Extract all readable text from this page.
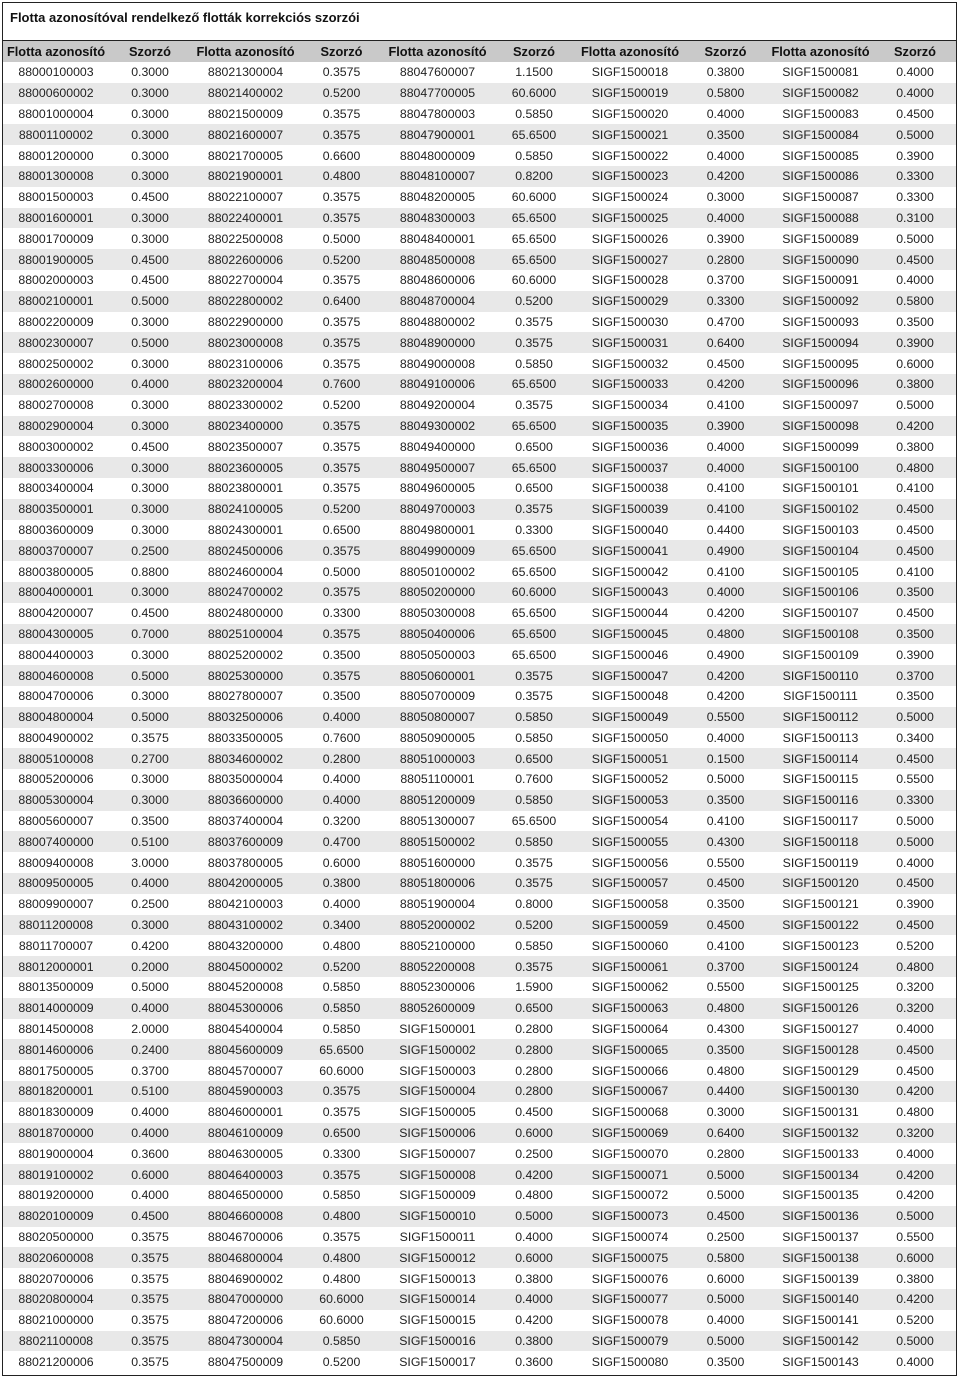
Flotta azonosítóval rendelkező flották korrekciós szorzói
Flotta azonosító	Szorzó	Flotta azonosító	Szorzó	Flotta azonosító	Szorzó	Flotta azonosító	Szorzó	Flotta azonosító	Szorzó
88000100003	0.3000	88021300004	0.3575	88047600007	1.1500	SIGF1500018	0.3800	SIGF1500081	0.4000
88000600002	0.3000	88021400002	0.5200	88047700005	60.6000	SIGF1500019	0.5800	SIGF1500082	0.4000
88001000004	0.3000	88021500009	0.3575	88047800003	0.5850	SIGF1500020	0.4000	SIGF1500083	0.4500
88001100002	0.3000	88021600007	0.3575	88047900001	65.6500	SIGF1500021	0.3500	SIGF1500084	0.5000
88001200000	0.3000	88021700005	0.6600	88048000009	0.5850	SIGF1500022	0.4000	SIGF1500085	0.3900
88001300008	0.3000	88021900001	0.4800	88048100007	0.8200	SIGF1500023	0.4200	SIGF1500086	0.3300
88001500003	0.4500	88022100007	0.3575	88048200005	60.6000	SIGF1500024	0.3000	SIGF1500087	0.3300
88001600001	0.3000	88022400001	0.3575	88048300003	65.6500	SIGF1500025	0.4000	SIGF1500088	0.3100
88001700009	0.3000	88022500008	0.5000	88048400001	65.6500	SIGF1500026	0.3900	SIGF1500089	0.5000
88001900005	0.4500	88022600006	0.5200	88048500008	65.6500	SIGF1500027	0.2800	SIGF1500090	0.4500
88002000003	0.4500	88022700004	0.3575	88048600006	60.6000	SIGF1500028	0.3700	SIGF1500091	0.4000
88002100001	0.5000	88022800002	0.6400	88048700004	0.5200	SIGF1500029	0.3300	SIGF1500092	0.5800
88002200009	0.3000	88022900000	0.3575	88048800002	0.3575	SIGF1500030	0.4700	SIGF1500093	0.3500
88002300007	0.5000	88023000008	0.3575	88048900000	0.3575	SIGF1500031	0.6400	SIGF1500094	0.3900
88002500002	0.3000	88023100006	0.3575	88049000008	0.5850	SIGF1500032	0.4500	SIGF1500095	0.6000
88002600000	0.4000	88023200004	0.7600	88049100006	65.6500	SIGF1500033	0.4200	SIGF1500096	0.3800
88002700008	0.3000	88023300002	0.5200	88049200004	0.3575	SIGF1500034	0.4100	SIGF1500097	0.5000
88002900004	0.3000	88023400000	0.3575	88049300002	65.6500	SIGF1500035	0.3900	SIGF1500098	0.4200
88003000002	0.4500	88023500007	0.3575	88049400000	0.6500	SIGF1500036	0.4000	SIGF1500099	0.3800
88003300006	0.3000	88023600005	0.3575	88049500007	65.6500	SIGF1500037	0.4000	SIGF1500100	0.4800
88003400004	0.3000	88023800001	0.3575	88049600005	0.6500	SIGF1500038	0.4100	SIGF1500101	0.4100
88003500001	0.3000	88024100005	0.5200	88049700003	0.3575	SIGF1500039	0.4100	SIGF1500102	0.4500
88003600009	0.3000	88024300001	0.6500	88049800001	0.3300	SIGF1500040	0.4400	SIGF1500103	0.4500
88003700007	0.2500	88024500006	0.3575	88049900009	65.6500	SIGF1500041	0.4900	SIGF1500104	0.4500
88003800005	0.8800	88024600004	0.5000	88050100002	65.6500	SIGF1500042	0.4100	SIGF1500105	0.4100
88004000001	0.3000	88024700002	0.3575	88050200000	60.6000	SIGF1500043	0.4000	SIGF1500106	0.3500
88004200007	0.4500	88024800000	0.3300	88050300008	65.6500	SIGF1500044	0.4200	SIGF1500107	0.4500
88004300005	0.7000	88025100004	0.3575	88050400006	65.6500	SIGF1500045	0.4800	SIGF1500108	0.3500
88004400003	0.3000	88025200002	0.3500	88050500003	65.6500	SIGF1500046	0.4900	SIGF1500109	0.3900
88004600008	0.5000	88025300000	0.3575	88050600001	0.3575	SIGF1500047	0.4200	SIGF1500110	0.3700
88004700006	0.3000	88027800007	0.3500	88050700009	0.3575	SIGF1500048	0.4200	SIGF1500111	0.3500
88004800004	0.5000	88032500006	0.4000	88050800007	0.5850	SIGF1500049	0.5500	SIGF1500112	0.5000
88004900002	0.3575	88033500005	0.7600	88050900005	0.5850	SIGF1500050	0.4000	SIGF1500113	0.3400
88005100008	0.2700	88034600002	0.2800	88051000003	0.6500	SIGF1500051	0.1500	SIGF1500114	0.4500
88005200006	0.3000	88035000004	0.4000	88051100001	0.7600	SIGF1500052	0.5000	SIGF1500115	0.5500
88005300004	0.3000	88036600000	0.4000	88051200009	0.5850	SIGF1500053	0.3500	SIGF1500116	0.3300
88005600007	0.3500	88037400004	0.3200	88051300007	65.6500	SIGF1500054	0.4100	SIGF1500117	0.5000
88007400000	0.5100	88037600009	0.4700	88051500002	0.5850	SIGF1500055	0.4300	SIGF1500118	0.5000
88009400008	3.0000	88037800005	0.6000	88051600000	0.3575	SIGF1500056	0.5500	SIGF1500119	0.4000
88009500005	0.4000	88042000005	0.3800	88051800006	0.3575	SIGF1500057	0.4500	SIGF1500120	0.4500
88009900007	0.2500	88042100003	0.4000	88051900004	0.8000	SIGF1500058	0.3500	SIGF1500121	0.3900
88011200008	0.3000	88043100002	0.3400	88052000002	0.5200	SIGF1500059	0.4500	SIGF1500122	0.4500
88011700007	0.4200	88043200000	0.4800	88052100000	0.5850	SIGF1500060	0.4100	SIGF1500123	0.5200
88012000001	0.2000	88045000002	0.5200	88052200008	0.3575	SIGF1500061	0.3700	SIGF1500124	0.4800
88013500009	0.5000	88045200008	0.5850	88052300006	1.5900	SIGF1500062	0.5500	SIGF1500125	0.3200
88014000009	0.4000	88045300006	0.5850	88052600009	0.6500	SIGF1500063	0.4800	SIGF1500126	0.3200
88014500008	2.0000	88045400004	0.5850	SIGF1500001	0.2800	SIGF1500064	0.4300	SIGF1500127	0.4000
88014600006	0.2400	88045600009	65.6500	SIGF1500002	0.2800	SIGF1500065	0.3500	SIGF1500128	0.4500
88017500005	0.3700	88045700007	60.6000	SIGF1500003	0.2800	SIGF1500066	0.4800	SIGF1500129	0.4500
88018200001	0.5100	88045900003	0.3575	SIGF1500004	0.2800	SIGF1500067	0.4400	SIGF1500130	0.4200
88018300009	0.4000	88046000001	0.3575	SIGF1500005	0.4500	SIGF1500068	0.3000	SIGF1500131	0.4800
88018700000	0.4000	88046100009	0.6500	SIGF1500006	0.6000	SIGF1500069	0.6400	SIGF1500132	0.3200
88019000004	0.3600	88046300005	0.3300	SIGF1500007	0.2500	SIGF1500070	0.2800	SIGF1500133	0.4000
88019100002	0.6000	88046400003	0.3575	SIGF1500008	0.4200	SIGF1500071	0.5000	SIGF1500134	0.4200
88019200000	0.4000	88046500000	0.5850	SIGF1500009	0.4800	SIGF1500072	0.5000	SIGF1500135	0.4200
88020100009	0.4500	88046600008	0.4800	SIGF1500010	0.5000	SIGF1500073	0.4500	SIGF1500136	0.5000
88020500000	0.3575	88046700006	0.3575	SIGF1500011	0.4000	SIGF1500074	0.2500	SIGF1500137	0.5500
88020600008	0.3575	88046800004	0.4800	SIGF1500012	0.6000	SIGF1500075	0.5800	SIGF1500138	0.6000
88020700006	0.3575	88046900002	0.4800	SIGF1500013	0.3800	SIGF1500076	0.6000	SIGF1500139	0.3800
88020800004	0.3575	88047000000	60.6000	SIGF1500014	0.4000	SIGF1500077	0.5000	SIGF1500140	0.4200
88021000000	0.3575	88047200006	60.6000	SIGF1500015	0.4200	SIGF1500078	0.4000	SIGF1500141	0.5200
88021100008	0.3575	88047300004	0.5850	SIGF1500016	0.3800	SIGF1500079	0.5000	SIGF1500142	0.5000
88021200006	0.3575	88047500009	0.5200	SIGF1500017	0.3600	SIGF1500080	0.3500	SIGF1500143	0.4000
